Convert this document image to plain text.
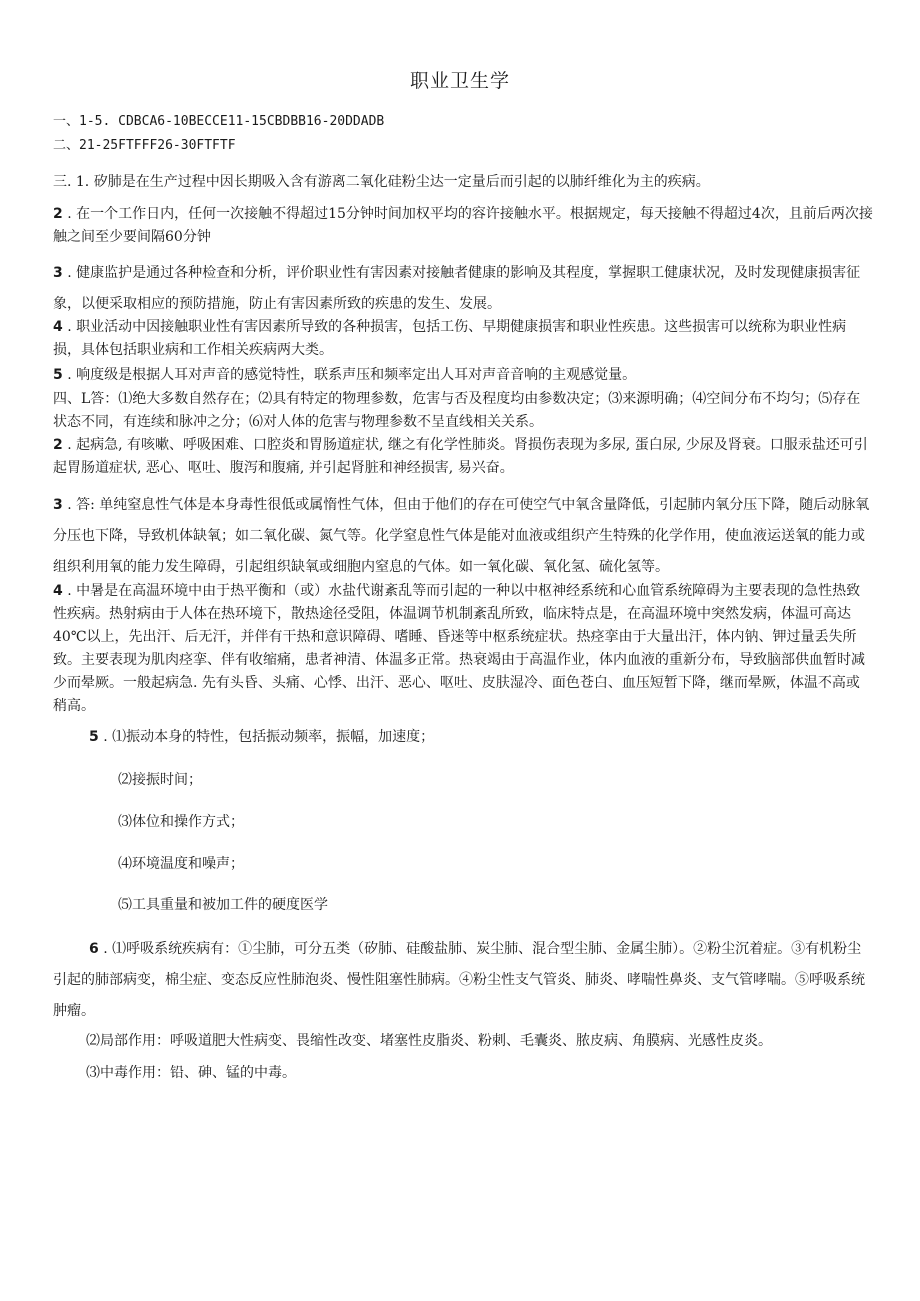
职业卫生学

一、1-5. CDBCA6-10BECCE11-15CBDBB16-20DDADB

二、21-25FTFFF26-30FTFTF

三. 1. 矽肺是在生产过程中因长期吸入含有游离二氧化硅粉尘达一定量后而引起的以肺纤维化为主的疾病。

2 . 在一个工作日内，任何一次接触不得超过15分钟时间加权平均的容许接触水平。根据规定，每天接触不得超过4次，且前后两次接触之间至少要间隔60分钟

3 . 健康监护是通过各种检查和分析，评价职业性有害因素对接触者健康的影响及其程度，掌握职工健康状况，及时发现健康损害征象，以便采取相应的预防措施，防止有害因素所致的疾患的发生、发展。

4 . 职业活动中因接触职业性有害因素所导致的各种损害，包括工伤、早期健康损害和职业性疾患。这些损害可以统称为职业性病损，具体包括职业病和工作相关疾病两大类。

5 . 响度级是根据人耳对声音的感觉特性，联系声压和频率定出人耳对声音音响的主观感觉量。

四、L答：⑴绝大多数自然存在；⑵具有特定的物理参数，危害与否及程度均由参数决定；⑶来源明确；⑷空间分布不均匀；⑸存在状态不同，有连续和脉冲之分；⑹对人体的危害与物理参数不呈直线相关关系。

2 . 起病急, 有咳嗽、呼吸困难、口腔炎和胃肠道症状, 继之有化学性肺炎。肾损伤表现为多尿, 蛋白尿, 少尿及肾衰。口服汞盐还可引起胃肠道症状, 恶心、呕吐、腹泻和腹痛, 并引起肾脏和神经损害, 易兴奋。

3 . 答: 单纯窒息性气体是本身毒性很低或属惰性气体，但由于他们的存在可使空气中氧含量降低，引起肺内氧分压下降，随后动脉氧分压也下降，导致机体缺氧；如二氧化碳、氮气等。化学窒息性气体是能对血液或组织产生特殊的化学作用，使血液运送氧的能力或组织利用氧的能力发生障碍，引起组织缺氧或细胞内窒息的气体。如一氧化碳、氧化氢、硫化氢等。

4 . 中暑是在高温环境中由于热平衡和（或）水盐代谢紊乱等而引起的一种以中枢神经系统和心血管系统障碍为主要表现的急性热致性疾病。热射病由于人体在热环境下，散热途径受阻，体温调节机制紊乱所致，临床特点是，在高温环境中突然发病，体温可高达40℃以上，先出汗、后无汗，并伴有干热和意识障碍、嗜睡、昏迷等中枢系统症状。热痉挛由于大量出汗，体内钠、钾过量丢失所致。主要表现为肌肉痉挛、伴有收缩痛，患者神清、体温多正常。热衰竭由于高温作业，体内血液的重新分布，导致脑部供血暂时减少而晕厥。一般起病急. 先有头昏、头痛、心悸、出汗、恶心、呕吐、皮肤湿冷、面色苍白、血压短暂下降，继而晕厥，体温不高或稍高。

5 . ⑴振动本身的特性，包括振动频率，振幅，加速度；

⑵接振时间；

⑶体位和操作方式；

⑷环境温度和噪声；

⑸工具重量和被加工件的硬度医学

6 . ⑴呼吸系统疾病有：①尘肺，可分五类（矽肺、硅酸盐肺、炭尘肺、混合型尘肺、金属尘肺）。②粉尘沉着症。③有机粉尘引起的肺部病变，棉尘症、变态反应性肺泡炎、慢性阻塞性肺病。④粉尘性支气管炎、肺炎、哮喘性鼻炎、支气管哮喘。⑤呼吸系统肿瘤。

⑵局部作用：呼吸道肥大性病变、畏缩性改变、堵塞性皮脂炎、粉刺、毛囊炎、脓皮病、角膜病、光感性皮炎。

⑶中毒作用：铅、砷、锰的中毒。
